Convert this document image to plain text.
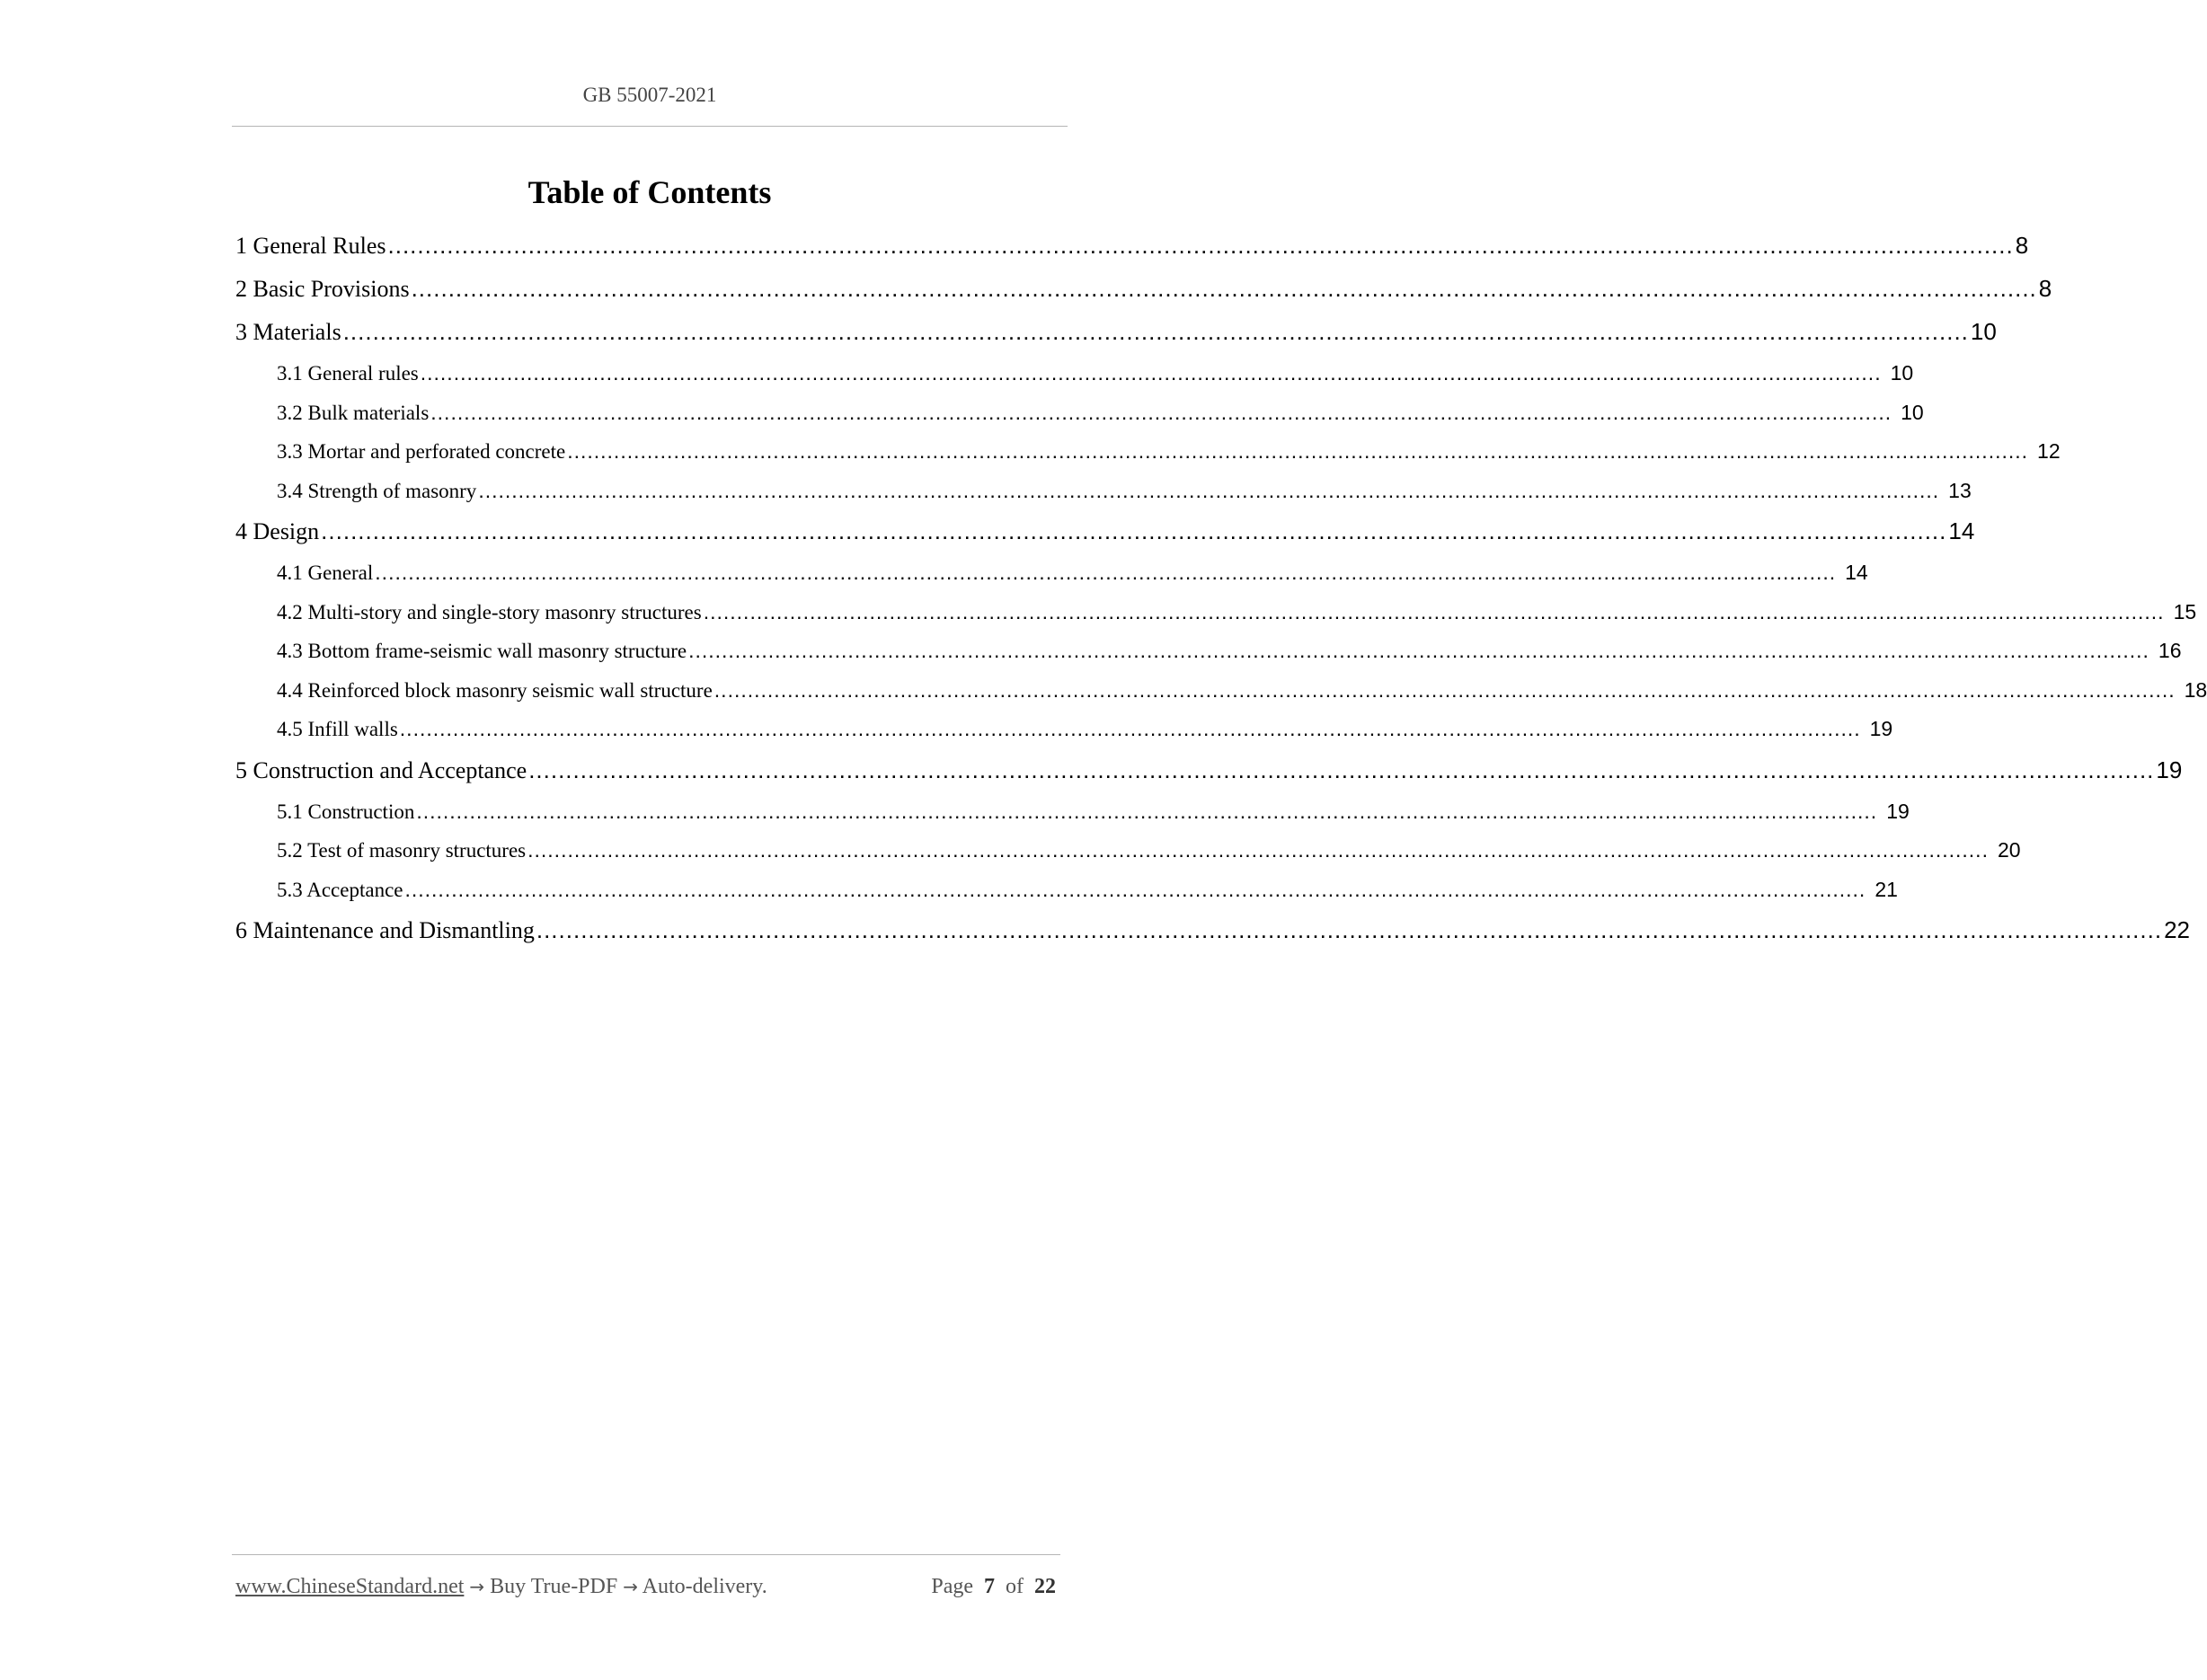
GB 55007-2021
Table of Contents
1 General Rules ............................................................................................................................................................................................................................ 8
2 Basic Provisions ............................................................................................................................................................................................................................ 8
3 Materials ............................................................................................................................................................................................................................ 10
3.1 General rules ............................................................................................................................................................................................................................ 10
3.2 Bulk materials ............................................................................................................................................................................................................................ 10
3.3 Mortar and perforated concrete ............................................................................................................................................................................................................................ 12
3.4 Strength of masonry ............................................................................................................................................................................................................................ 13
4 Design ............................................................................................................................................................................................................................ 14
4.1 General ............................................................................................................................................................................................................................ 14
4.2 Multi-story and single-story masonry structures ............................................................................................................................................................................................................................ 15
4.3 Bottom frame-seismic wall masonry structure ............................................................................................................................................................................................................................ 16
4.4 Reinforced block masonry seismic wall structure ............................................................................................................................................................................................................................ 18
4.5 Infill walls ............................................................................................................................................................................................................................ 19
5 Construction and Acceptance ............................................................................................................................................................................................................................ 19
5.1 Construction ............................................................................................................................................................................................................................ 19
5.2 Test of masonry structures ............................................................................................................................................................................................................................ 20
5.3 Acceptance ............................................................................................................................................................................................................................ 21
6 Maintenance and Dismantling ............................................................................................................................................................................................................................ 22
www.ChineseStandard.net → Buy True-PDF → Auto-delivery.	Page 7 of 22
